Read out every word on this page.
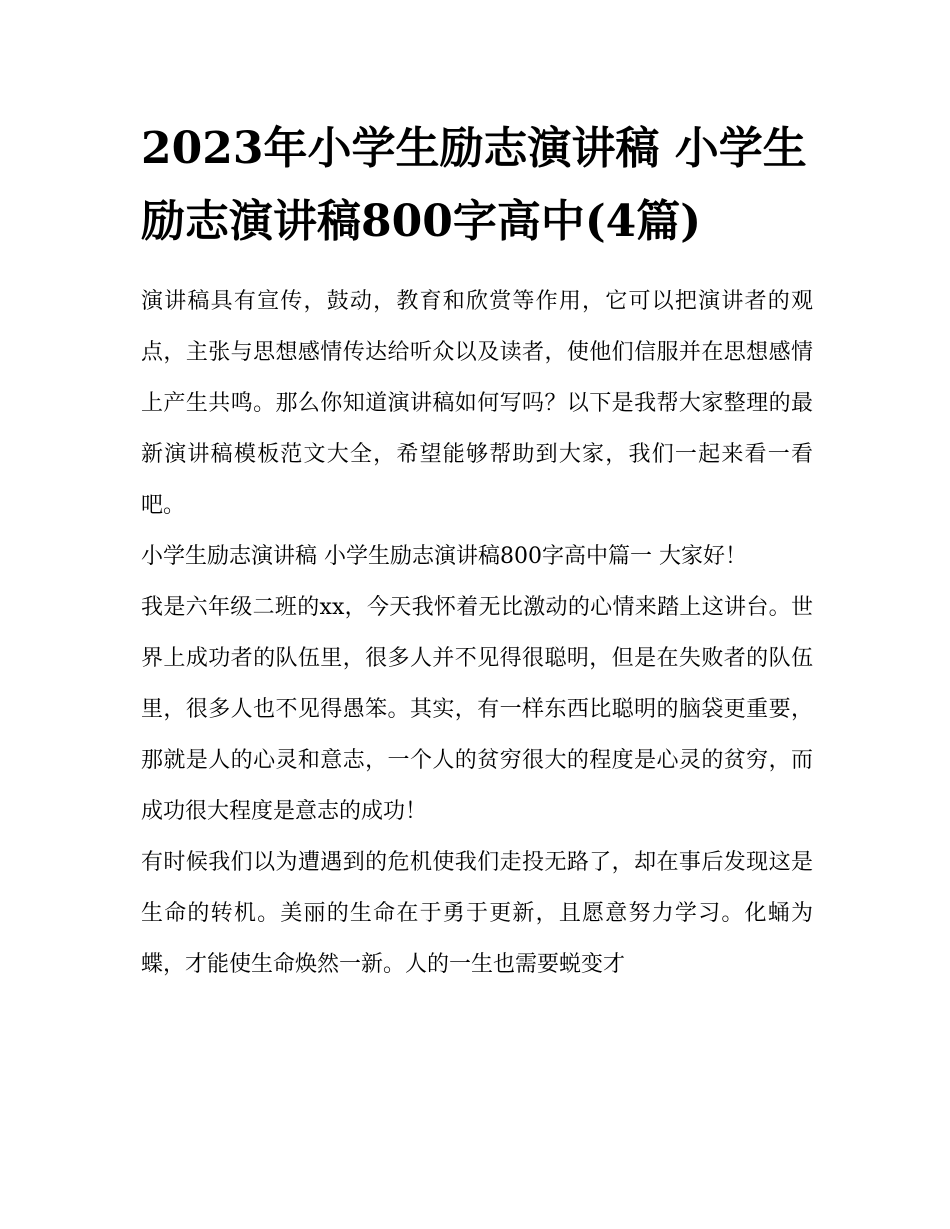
2023年小学生励志演讲稿 小学生励志演讲稿800字高中(4篇)

演讲稿具有宣传，鼓动，教育和欣赏等作用，它可以把演讲者的观点，主张与思想感情传达给听众以及读者，使他们信服并在思想感情上产生共鸣。那么你知道演讲稿如何写吗？以下是我帮大家整理的最新演讲稿模板范文大全，希望能够帮助到大家，我们一起来看一看吧。

小学生励志演讲稿 小学生励志演讲稿800字高中篇一 大家好！

我是六年级二班的xx，今天我怀着无比激动的心情来踏上这讲台。世界上成功者的队伍里，很多人并不见得很聪明，但是在失败者的队伍里，很多人也不见得愚笨。其实，有一样东西比聪明的脑袋更重要，那就是人的心灵和意志，一个人的贫穷很大的程度是心灵的贫穷，而成功很大程度是意志的成功！

有时候我们以为遭遇到的危机使我们走投无路了，却在事后发现这是生命的转机。美丽的生命在于勇于更新，且愿意努力学习。化蛹为蝶，才能使生命焕然一新。人的一生也需要蜕变才
